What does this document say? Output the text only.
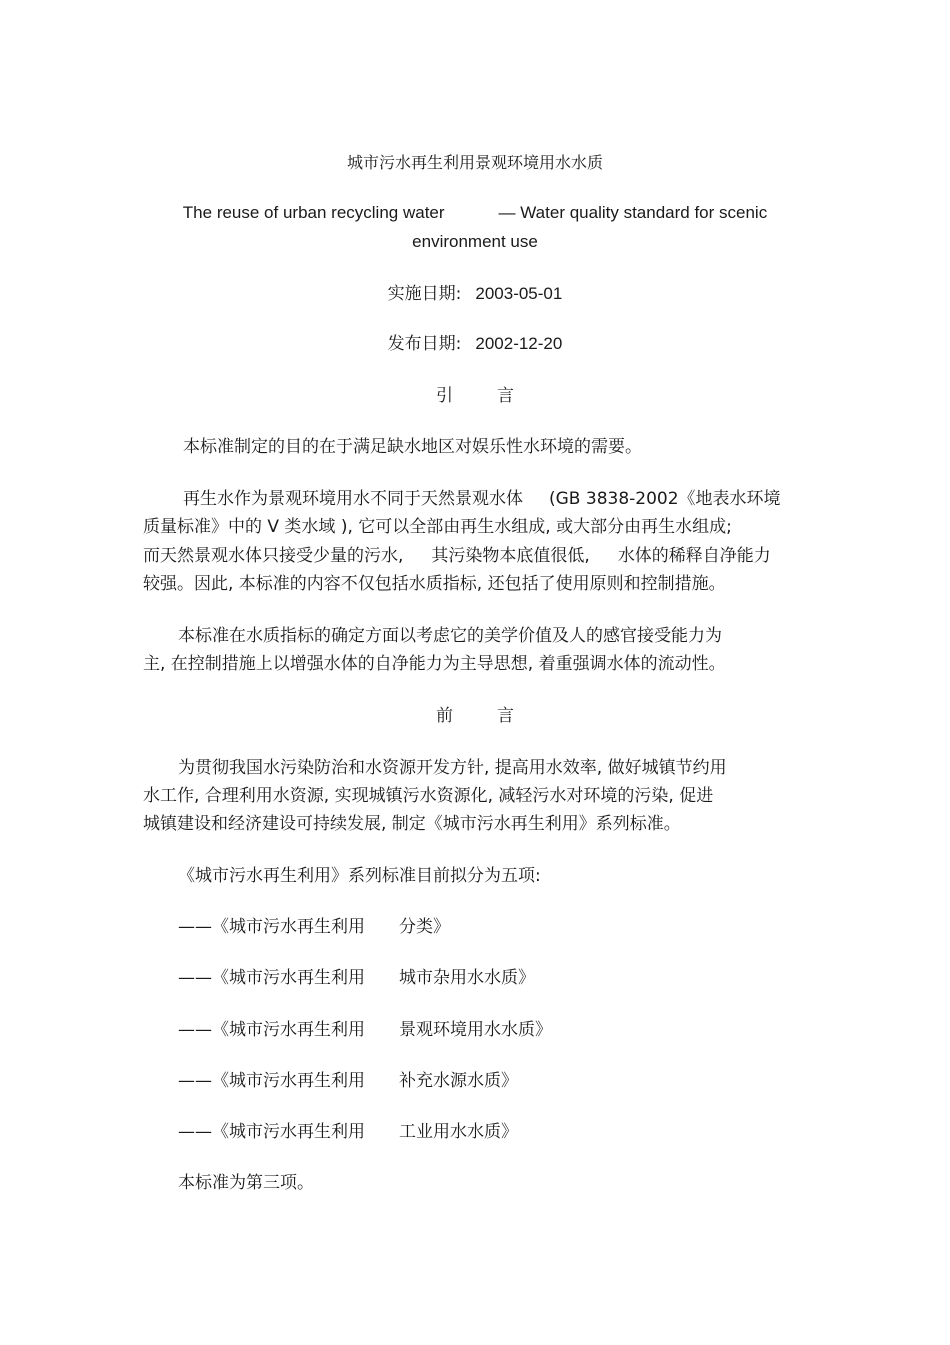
城市污水再生利用景观环境用水水质
The reuse of urban recycling water	— Water quality standard for scenic
environment use
实施日期: 2003-05-01
发布日期: 2002-12-20
引	言
本标准制定的目的在于满足缺水地区对娱乐性水环境的需要。
再生水作为景观环境用水不同于天然景观水体 (GB 3838-2002《地表水环境
质量标准》中的 V 类水域 ), 它可以全部由再生水组成, 或大部分由再生水组成;
而天然景观水体只接受少量的污水, 其污染物本底值很低, 水体的稀释自净能力
较强。因此, 本标准的内容不仅包括水质指标, 还包括了使用原则和控制措施。
本标准在水质指标的确定方面以考虑它的美学价值及人的感官接受能力为
主, 在控制措施上以增强水体的自净能力为主导思想, 着重强调水体的流动性。
前	言
为贯彻我国水污染防治和水资源开发方针, 提高用水效率, 做好城镇节约用
水工作, 合理利用水资源, 实现城镇污水资源化, 减轻污水对环境的污染, 促进
城镇建设和经济建设可持续发展, 制定《城市污水再生利用》系列标准。
《城市污水再生利用》系列标准目前拟分为五项:
——《城市污水再生利用 分类》
——《城市污水再生利用 城市杂用水水质》
——《城市污水再生利用 景观环境用水水质》
——《城市污水再生利用 补充水源水质》
——《城市污水再生利用 工业用水水质》
本标准为第三项。
